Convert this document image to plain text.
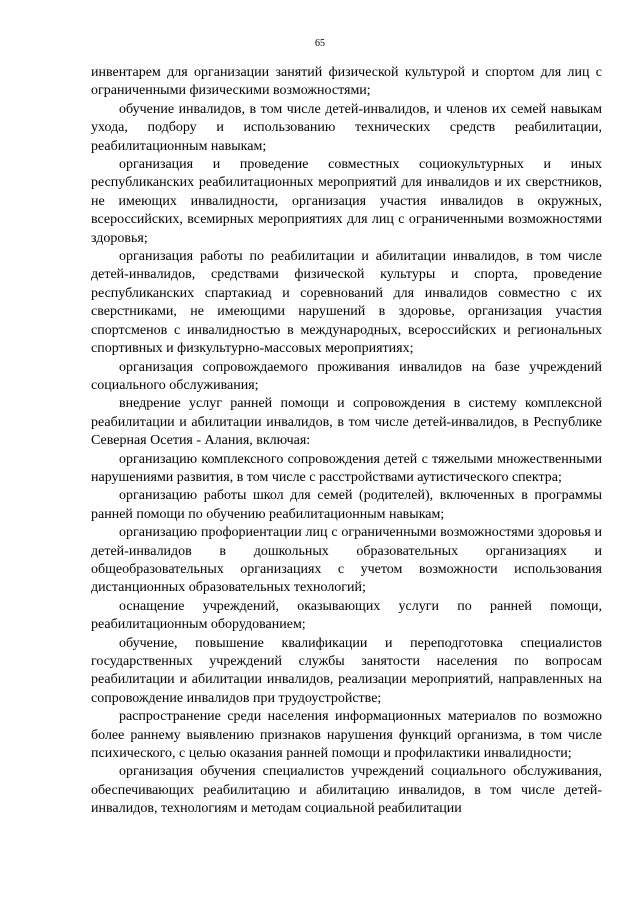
65

инвентарем для организации занятий физической культурой и спортом для лиц с ограниченными физическими возможностями;

обучение инвалидов, в том числе детей-инвалидов, и членов их семей навыкам ухода, подбору и использованию технических средств реабилитации, реабилитационным навыкам;

организация и проведение совместных социокультурных и иных республиканских реабилитационных мероприятий для инвалидов и их сверстников, не имеющих инвалидности, организация участия инвалидов в окружных, всероссийских, всемирных мероприятиях для лиц с ограниченными возможностями здоровья;

организация работы по реабилитации и абилитации инвалидов, в том числе детей-инвалидов, средствами физической культуры и спорта, проведение республиканских спартакиад и соревнований для инвалидов совместно с их сверстниками, не имеющими нарушений в здоровье, организация участия спортсменов с инвалидностью в международных, всероссийских и региональных спортивных и физкультурно-массовых мероприятиях;

организация сопровождаемого проживания инвалидов на базе учреждений социального обслуживания;

внедрение услуг ранней помощи и сопровождения в систему комплексной реабилитации и абилитации инвалидов, в том числе детей-инвалидов, в Республике Северная Осетия - Алания, включая:

организацию комплексного сопровождения детей с тяжелыми множественными нарушениями развития, в том числе с расстройствами аутистического спектра;

организацию работы школ для семей (родителей), включенных в программы ранней помощи по обучению реабилитационным навыкам;

организацию профориентации лиц с ограниченными возможностями здоровья и детей-инвалидов в дошкольных образовательных организациях и общеобразовательных организациях с учетом возможности использования дистанционных образовательных технологий;

оснащение учреждений, оказывающих услуги по ранней помощи, реабилитационным оборудованием;

обучение, повышение квалификации и переподготовка специалистов государственных учреждений службы занятости населения по вопросам реабилитации и абилитации инвалидов, реализации мероприятий, направленных на сопровождение инвалидов при трудоустройстве;

распространение среди населения информационных материалов по возможно более раннему выявлению признаков нарушения функций организма, в том числе психического, с целью оказания ранней помощи и профилактики инвалидности;

организация обучения специалистов учреждений социального обслуживания, обеспечивающих реабилитацию и абилитацию инвалидов, в том числе детей-инвалидов, технологиям и методам социальной реабилитации
